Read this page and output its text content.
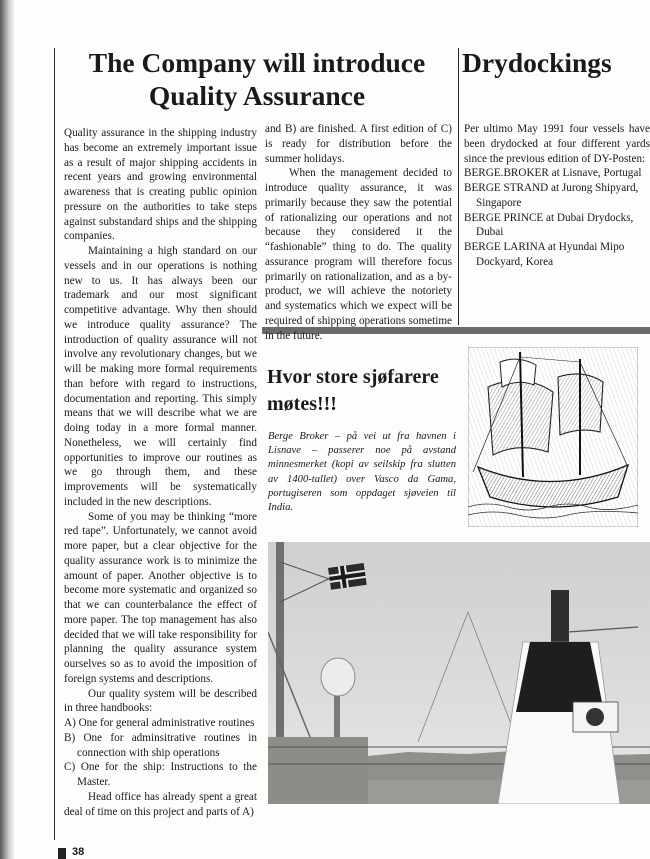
The Company will introduce Quality Assurance

Quality assurance in the shipping industry has become an extremely important issue as a result of major shipping accidents in recent years and growing environmental awareness that is creating public opinion pressure on the authorities to take steps against substandard ships and the shipping companies.

Maintaining a high standard on our vessels and in our operations is nothing new to us. It has always been our trademark and our most significant competitive advantage. Why then should we introduce quality assurance? The introduction of quality assurance will not involve any revolutionary changes, but we will be making more formal requirements than before with regard to instructions, documentation and reporting. This simply means that we will describe what we are doing today in a more formal manner. Nonetheless, we will certainly find opportunities to improve our routines as we go through them, and these improvements will be systematically included in the new descriptions.

Some of you may be thinking “more red tape”. Unfortunately, we cannot avoid more paper, but a clear objective for the quality assurance work is to minimize the amount of paper. Another objective is to become more systematic and organized so that we can counterbalance the effect of more paper. The top management has also decided that we will take responsibility for planning the quality assurance system ourselves so as to avoid the imposition of foreign systems and descriptions.

Our quality system will be described in three handbooks:

A) One for general administrative routines

B) One for adminsitrative routines in connection with ship operations

C) One for the ship: Instructions to the Master.

Head office has already spent a great deal of time on this project and parts of A)

and B) are finished. A first edition of C) is ready for distribution before the summer holidays.

When the management decided to introduce quality assurance, it was primarily because they saw the potential of rationalizing our operations and not because they considered it the “fashionable” thing to do. The quality assurance program will therefore focus primarily on rationalization, and as a by-product, we will achieve the notoriety and systematics which we expect will be required of shipping operations sometime in the future.

Drydockings

Per ultimo May 1991 four vessels have been drydocked at four different yards since the previous edition of DY-Posten:

BERGE.BROKER at Lisnave, Portugal

BERGE STRAND at Jurong Shipyard, Singapore

BERGE PRINCE at Dubai Drydocks, Dubai

BERGE LARINA at Hyundai Mipo Dockyard, Korea

Hvor store sjøfarere møtes!!!
Berge Broker – på vei ut fra havnen i Lisnave – passerer noe på avstand minnesmerket (kopi av seilskip fra slutten av 1400-tallet) over Vasco da Gama, portugiseren som oppdaget sjøveien til India.
38
